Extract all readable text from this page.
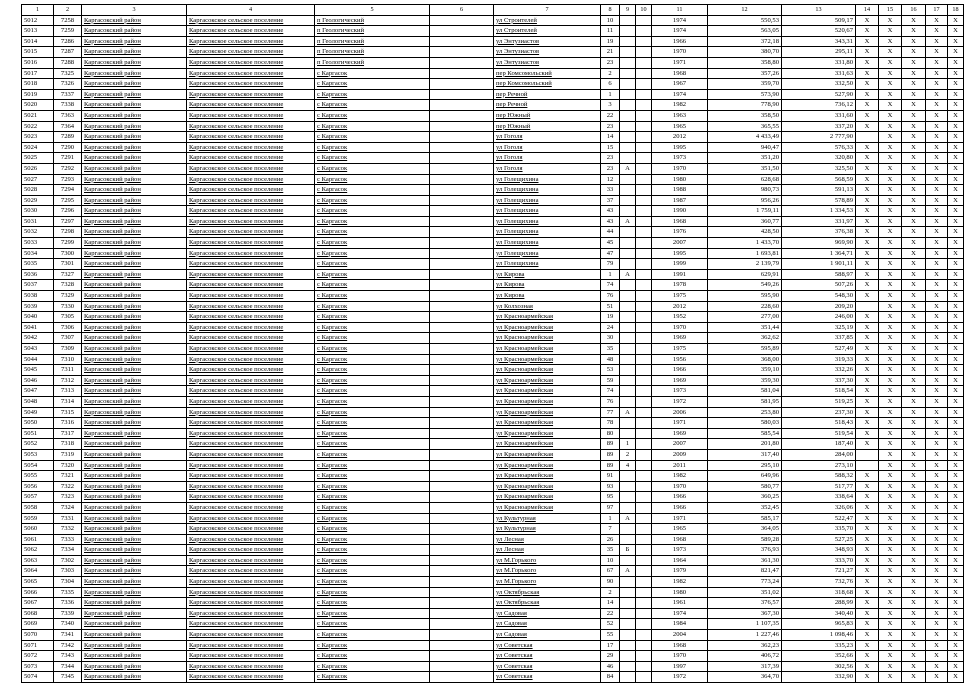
1	2	3	4	5	6	7	8	9	10	11	12	13	14	15	16	17	18
5012	7258	Каргасокский район	Каргасокское сельское поселение	п Геологический		ул Строителей	10			1974	550,53	509,17	Х	Х	Х	Х	Х
5013	7259	Каргасокский район	Каргасокское сельское поселение	п Геологический		ул Строителей	11			1974	563,05	520,67	Х	Х	Х	Х	Х
5014	7286	Каргасокский район	Каргасокское сельское поселение	п Геологический		ул Энтузиастов	19			1966	372,18	343,31	Х	Х	Х	Х	Х
5015	7287	Каргасокский район	Каргасокское сельское поселение	п Геологический		ул Энтузиастов	21			1970	380,70	295,11	Х	Х	Х	Х	Х
5016	7288	Каргасокский район	Каргасокское сельское поселение	п Геологический		ул Энтузиастов	23			1971	358,80	331,80	Х	Х	Х	Х	Х
5017	7325	Каргасокский район	Каргасокское сельское поселение	с Каргасок		пер Комсомольский	2			1968	357,26	331,63	Х	Х	Х	Х	Х
5018	7326	Каргасокский район	Каргасокское сельское поселение	с Каргасок		пер Комсомольский	6			1967	359,70	332,50	Х	Х	Х	Х	Х
5019	7337	Каргасокский район	Каргасокское сельское поселение	с Каргасок		пер Речной	1			1974	573,90	527,90	Х	Х	Х	Х	Х
5020	7338	Каргасокский район	Каргасокское сельское поселение	с Каргасок		пер Речной	3			1982	778,90	736,12	Х	Х	Х	Х	Х
5021	7363	Каргасокский район	Каргасокское сельское поселение	с Каргасок		пер Южный	22			1963	358,50	331,60	Х	Х	Х	Х	Х
5022	7364	Каргасокский район	Каргасокское сельское поселение	с Каргасок		пер Южный	23			1965	365,55	337,20	Х	Х	Х	Х	Х
5023	7289	Каргасокский район	Каргасокское сельское поселение	с Каргасок		ул Гоголя	14			2012	4 433,49	2 777,90		Х	Х	Х	Х
5024	7290	Каргасокский район	Каргасокское сельское поселение	с Каргасок		ул Гоголя	15			1995	940,47	576,33	Х	Х	Х	Х	Х
5025	7291	Каргасокский район	Каргасокское сельское поселение	с Каргасок		ул Гоголя	23			1973	351,20	320,80	Х	Х	Х	Х	Х
5026	7292	Каргасокский район	Каргасокское сельское поселение	с Каргасок		ул Гоголя	23	А		1970	351,50	325,50	Х	Х	Х	Х	Х
5027	7293	Каргасокский район	Каргасокское сельское поселение	с Каргасок		ул Голещихина	12			1980	628,68	568,59	Х	Х	Х	Х	Х
5028	7294	Каргасокский район	Каргасокское сельское поселение	с Каргасок		ул Голещихина	33			1988	980,73	591,13	Х	Х	Х	Х	Х
5029	7295	Каргасокский район	Каргасокское сельское поселение	с Каргасок		ул Голещихина	37			1987	956,26	578,89	Х	Х	Х	Х	Х
5030	7296	Каргасокский район	Каргасокское сельское поселение	с Каргасок		ул Голещихина	43			1990	1 759,11	1 334,53	Х	Х	Х	Х	Х
5031	7297	Каргасокский район	Каргасокское сельское поселение	с Каргасок		ул Голещихина	43	А		1968	360,77	331,97	Х	Х	Х	Х	Х
5032	7298	Каргасокский район	Каргасокское сельское поселение	с Каргасок		ул Голещихина	44			1976	428,50	376,38	Х	Х	Х	Х	Х
5033	7299	Каргасокский район	Каргасокское сельское поселение	с Каргасок		ул Голещихина	45			2007	1 433,70	969,90	Х	Х	Х	Х	Х
5034	7300	Каргасокский район	Каргасокское сельское поселение	с Каргасок		ул Голещихина	47			1995	1 693,81	1 364,71	Х	Х	Х	Х	Х
5035	7301	Каргасокский район	Каргасокское сельское поселение	с Каргасок		ул Голещихина	79			1999	2 139,79	1 901,11	Х	Х	Х	Х	Х
5036	7327	Каргасокский район	Каргасокское сельское поселение	с Каргасок		ул Кирова	1	А		1991	629,91	588,97	Х	Х	Х	Х	Х
5037	7328	Каргасокский район	Каргасокское сельское поселение	с Каргасок		ул Кирова	74			1978	549,26	507,26	Х	Х	Х	Х	Х
5038	7329	Каргасокский район	Каргасокское сельское поселение	с Каргасок		ул Кирова	76			1975	595,90	548,30	Х	Х	Х	Х	Х
5039	7330	Каргасокский район	Каргасокское сельское поселение	с Каргасок		ул Колхозная	51			2012	228,60	209,20		Х	Х	Х	Х
5040	7305	Каргасокский район	Каргасокское сельское поселение	с Каргасок		ул Красноармейская	19			1952	277,00	246,00	Х	Х	Х	Х	Х
5041	7306	Каргасокский район	Каргасокское сельское поселение	с Каргасок		ул Красноармейская	24			1970	351,44	325,19	Х	Х	Х	Х	Х
5042	7307	Каргасокский район	Каргасокское сельское поселение	с Каргасок		ул Красноармейская	30			1969	362,62	337,85	Х	Х	Х	Х	Х
5043	7309	Каргасокский район	Каргасокское сельское поселение	с Каргасок		ул Красноармейская	35			1975	595,89	527,49	Х	Х	Х	Х	Х
5044	7310	Каргасокский район	Каргасокское сельское поселение	с Каргасок		ул Красноармейская	48			1956	368,00	319,33	Х	Х	Х	Х	Х
5045	7311	Каргасокский район	Каргасокское сельское поселение	с Каргасок		ул Красноармейская	53			1966	359,10	332,26	Х	Х	Х	Х	Х
5046	7312	Каргасокский район	Каргасокское сельское поселение	с Каргасок		ул Красноармейская	59			1969	359,30	337,30	Х	Х	Х	Х	Х
5047	7313	Каргасокский район	Каргасокское сельское поселение	с Каргасок		ул Красноармейская	74			1973	581,04	518,54	Х	Х	Х	Х	Х
5048	7314	Каргасокский район	Каргасокское сельское поселение	с Каргасок		ул Красноармейская	76			1972	581,95	519,25	Х	Х	Х	Х	Х
5049	7315	Каргасокский район	Каргасокское сельское поселение	с Каргасок		ул Красноармейская	77	А		2006	253,80	237,30	Х	Х	Х	Х	Х
5050	7316	Каргасокский район	Каргасокское сельское поселение	с Каргасок		ул Красноармейская	78			1971	580,03	518,43	Х	Х	Х	Х	Х
5051	7317	Каргасокский район	Каргасокское сельское поселение	с Каргасок		ул Красноармейская	80			1969	585,54	519,54	Х	Х	Х	Х	Х
5052	7318	Каргасокский район	Каргасокское сельское поселение	с Каргасок		ул Красноармейская	89	1		2007	201,80	187,40	Х	Х	Х	Х	Х
5053	7319	Каргасокский район	Каргасокское сельское поселение	с Каргасок		ул Красноармейская	89	2		2009	317,40	284,00		Х	Х	Х	Х
5054	7320	Каргасокский район	Каргасокское сельское поселение	с Каргасок		ул Красноармейская	89	4		2011	295,10	273,10		Х	Х	Х	Х
5055	7321	Каргасокский район	Каргасокское сельское поселение	с Каргасок		ул Красноармейская	91			1982	649,96	588,32	Х	Х	Х	Х	Х
5056	7322	Каргасокский район	Каргасокское сельское поселение	с Каргасок		ул Красноармейская	93			1970	580,77	517,77	Х	Х	Х	Х	Х
5057	7323	Каргасокский район	Каргасокское сельское поселение	с Каргасок		ул Красноармейская	95			1966	360,25	338,64	Х	Х	Х	Х	Х
5058	7324	Каргасокский район	Каргасокское сельское поселение	с Каргасок		ул Красноармейская	97			1966	352,45	326,06	Х	Х	Х	Х	Х
5059	7331	Каргасокский район	Каргасокское сельское поселение	с Каргасок		ул Культурная	1	А		1971	585,17	522,47	Х	Х	Х	Х	Х
5060	7332	Каргасокский район	Каргасокское сельское поселение	с Каргасок		ул Культурная	7			1965	364,05	335,70	Х	Х	Х	Х	Х
5061	7333	Каргасокский район	Каргасокское сельское поселение	с Каргасок		ул Лесная	26			1968	589,28	527,25	Х	Х	Х	Х	Х
5062	7334	Каргасокский район	Каргасокское сельское поселение	с Каргасок		ул Лесная	35	Б		1973	376,93	348,93	Х	Х	Х	Х	Х
5063	7302	Каргасокский район	Каргасокское сельское поселение	с Каргасок		ул М.Горького	10			1964	361,30	333,70	Х	Х	Х	Х	Х
5064	7303	Каргасокский район	Каргасокское сельское поселение	с Каргасок		ул М.Горького	67	А		1979	821,47	721,27	Х	Х	Х	Х	Х
5065	7304	Каргасокский район	Каргасокское сельское поселение	с Каргасок		ул М.Горького	90			1982	773,24	732,76	Х	Х	Х	Х	Х
5066	7335	Каргасокский район	Каргасокское сельское поселение	с Каргасок		ул Октябрьская	2			1980	351,02	318,68	Х	Х	Х	Х	Х
5067	7336	Каргасокский район	Каргасокское сельское поселение	с Каргасок		ул Октябрьская	14			1961	376,57	288,99	Х	Х	Х	Х	Х
5068	7339	Каргасокский район	Каргасокское сельское поселение	с Каргасок		ул Садовая	22			1974	367,30	340,40	Х	Х	Х	Х	Х
5069	7340	Каргасокский район	Каргасокское сельское поселение	с Каргасок		ул Садовая	52			1984	1 107,35	965,83	Х	Х	Х	Х	Х
5070	7341	Каргасокский район	Каргасокское сельское поселение	с Каргасок		ул Садовая	55			2004	1 227,46	1 098,46	Х	Х	Х	Х	Х
5071	7342	Каргасокский район	Каргасокское сельское поселение	с Каргасок		ул Советская	17			1968	362,23	335,23	Х	Х	Х	Х	Х
5072	7343	Каргасокский район	Каргасокское сельское поселение	с Каргасок		ул Советская	29			1970	406,72	352,66	Х	Х	Х	Х	Х
5073	7344	Каргасокский район	Каргасокское сельское поселение	с Каргасок		ул Советская	46			1997	317,39	302,56	Х	Х	Х	Х	Х
5074	7345	Каргасокский район	Каргасокское сельское поселение	с Каргасок		ул Советская	84			1972	364,70	332,90	Х	Х	Х	Х	Х
